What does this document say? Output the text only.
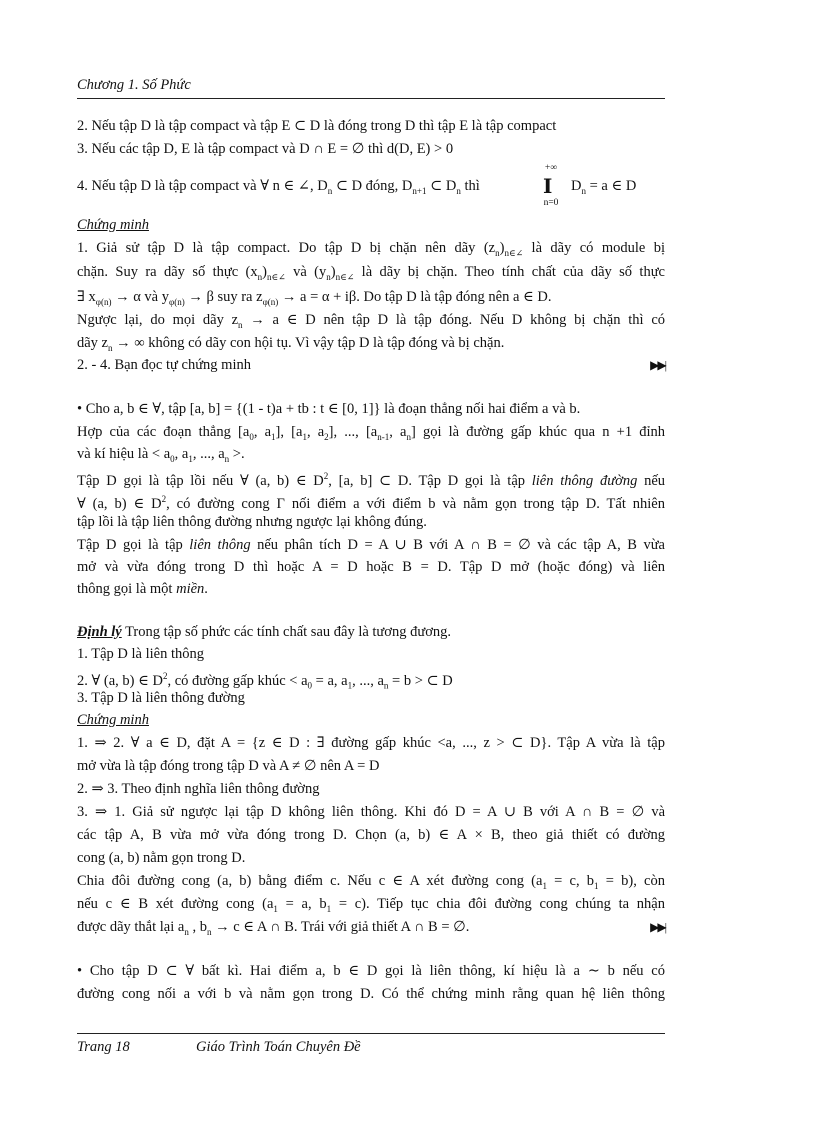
Chương 1. Số Phức
2. Nếu tập D là tập compact và tập E ⊂ D là đóng trong D thì tập E là tập compact
3. Nếu các tập D, E là tập compact và D ∩ E = ∅ thì d(D, E) > 0
+∞
I
n=0
4. Nếu tập D là tập compact và ∀ n ∈ ∠, $D_n$ ⊂ D đóng, $D_{n+1}$ ⊂ $D_n$ thì	$D_n = a$ ∈ D
Chứng minh
1. Giả sử tập D là tập compact. Do tập D bị chặn nên dãy $(z_n)_{n\in\angle}$ là dãy có module bị
chặn. Suy ra dãy số thực $(x_n)_{n\in\angle}$ và $(y_n)_{n\in\angle}$ là dãy bị chặn. Theo tính chất của dãy số thực
∃ $x_{\varphi(n)} \to \alpha$ và $y_{\varphi(n)} \to \beta$ suy ra $z_{\varphi(n)} \to a = \alpha + i\beta$. Do tập D là tập đóng nên a ∈ D.
Ngược lại, do mọi dãy $z_n \to a$ ∈ D nên tập D là tập đóng. Nếu D không bị chặn thì có
dãy $z_n$ → ∞ không có dãy con hội tụ. Vì vậy tập D là tập đóng và bị chặn.
2. - 4. Bạn đọc tự chứng minh	▶▶|
• Cho a, b ∈ ∀, tập [a, b] = {(1 - t)a + tb : t ∈ [0, 1]} là đoạn thẳng nối hai điểm a và b.
Hợp của các đoạn thẳng [$a_0$, $a_1$], [$a_1$, $a_2$], ..., [$a_{n-1}$, $a_n$] gọi là đường gấp khúc qua n +1 đỉnh
và kí hiệu là < $a_0$, $a_1$, ..., $a_n$ >.
Tập D gọi là tập lồi nếu ∀ (a, b) ∈ $D^2$, [a, b] ⊂ D. Tập D gọi là tập liên thông đường nếu
∀ (a, b) ∈ $D^2$, có đường cong Γ nối điểm a với điểm b và nằm gọn trong tập D. Tất nhiên
tập lồi là tập liên thông đường nhưng ngược lại không đúng.
Tập D gọi là tập liên thông nếu phân tích D = A ∪ B với A ∩ B = ∅ và các tập A, B vừa
mở và vừa đóng trong D thì hoặc A = D hoặc B = D. Tập D mở (hoặc đóng) và liên
thông gọi là một miền.
Định lý Trong tập số phức các tính chất sau đây là tương đương.
1. Tập D là liên thông
2. ∀ (a, b) ∈ $D^2$, có đường gấp khúc < $a_0 = a$, $a_1$, ..., $a_n = b$ > ⊂ D
3. Tập D là liên thông đường
Chứng minh
1. ⇒ 2. ∀ a ∈ D, đặt A = {z ∈ D : ∃ đường gấp khúc <a, ..., z > ⊂ D}. Tập A vừa là tập
mở vừa là tập đóng trong tập D và A ≠ ∅ nên A = D
2. ⇒ 3. Theo định nghĩa liên thông đường
3. ⇒ 1. Giả sử ngược lại tập D không liên thông. Khi đó D = A ∪ B với A ∩ B = ∅ và
các tập A, B vừa mở vừa đóng trong D. Chọn (a, b) ∈ A × B, theo giả thiết có đường
cong (a, b) nằm gọn trong D.
Chia đôi đường cong (a, b) bằng điểm c. Nếu c ∈ A xét đường cong ($a_1 = c$, $b_1 = b$), còn
nếu c ∈ B xét đường cong ($a_1 = a$, $b_1 = c$). Tiếp tục chia đôi đường cong chúng ta nhận
được dãy thắt lại $a_n$ , $b_n \to c$ ∈ A ∩ B. Trái với giả thiết A ∩ B = ∅.	▶▶|
• Cho tập D ⊂ ∀ bất kì. Hai điểm a, b ∈ D gọi là liên thông, kí hiệu là a ∼ b nếu có
đường cong nối a với b và nằm gọn trong D. Có thể chứng minh rằng quan hệ liên thông
Trang 18	Giáo Trình Toán Chuyên Đề
